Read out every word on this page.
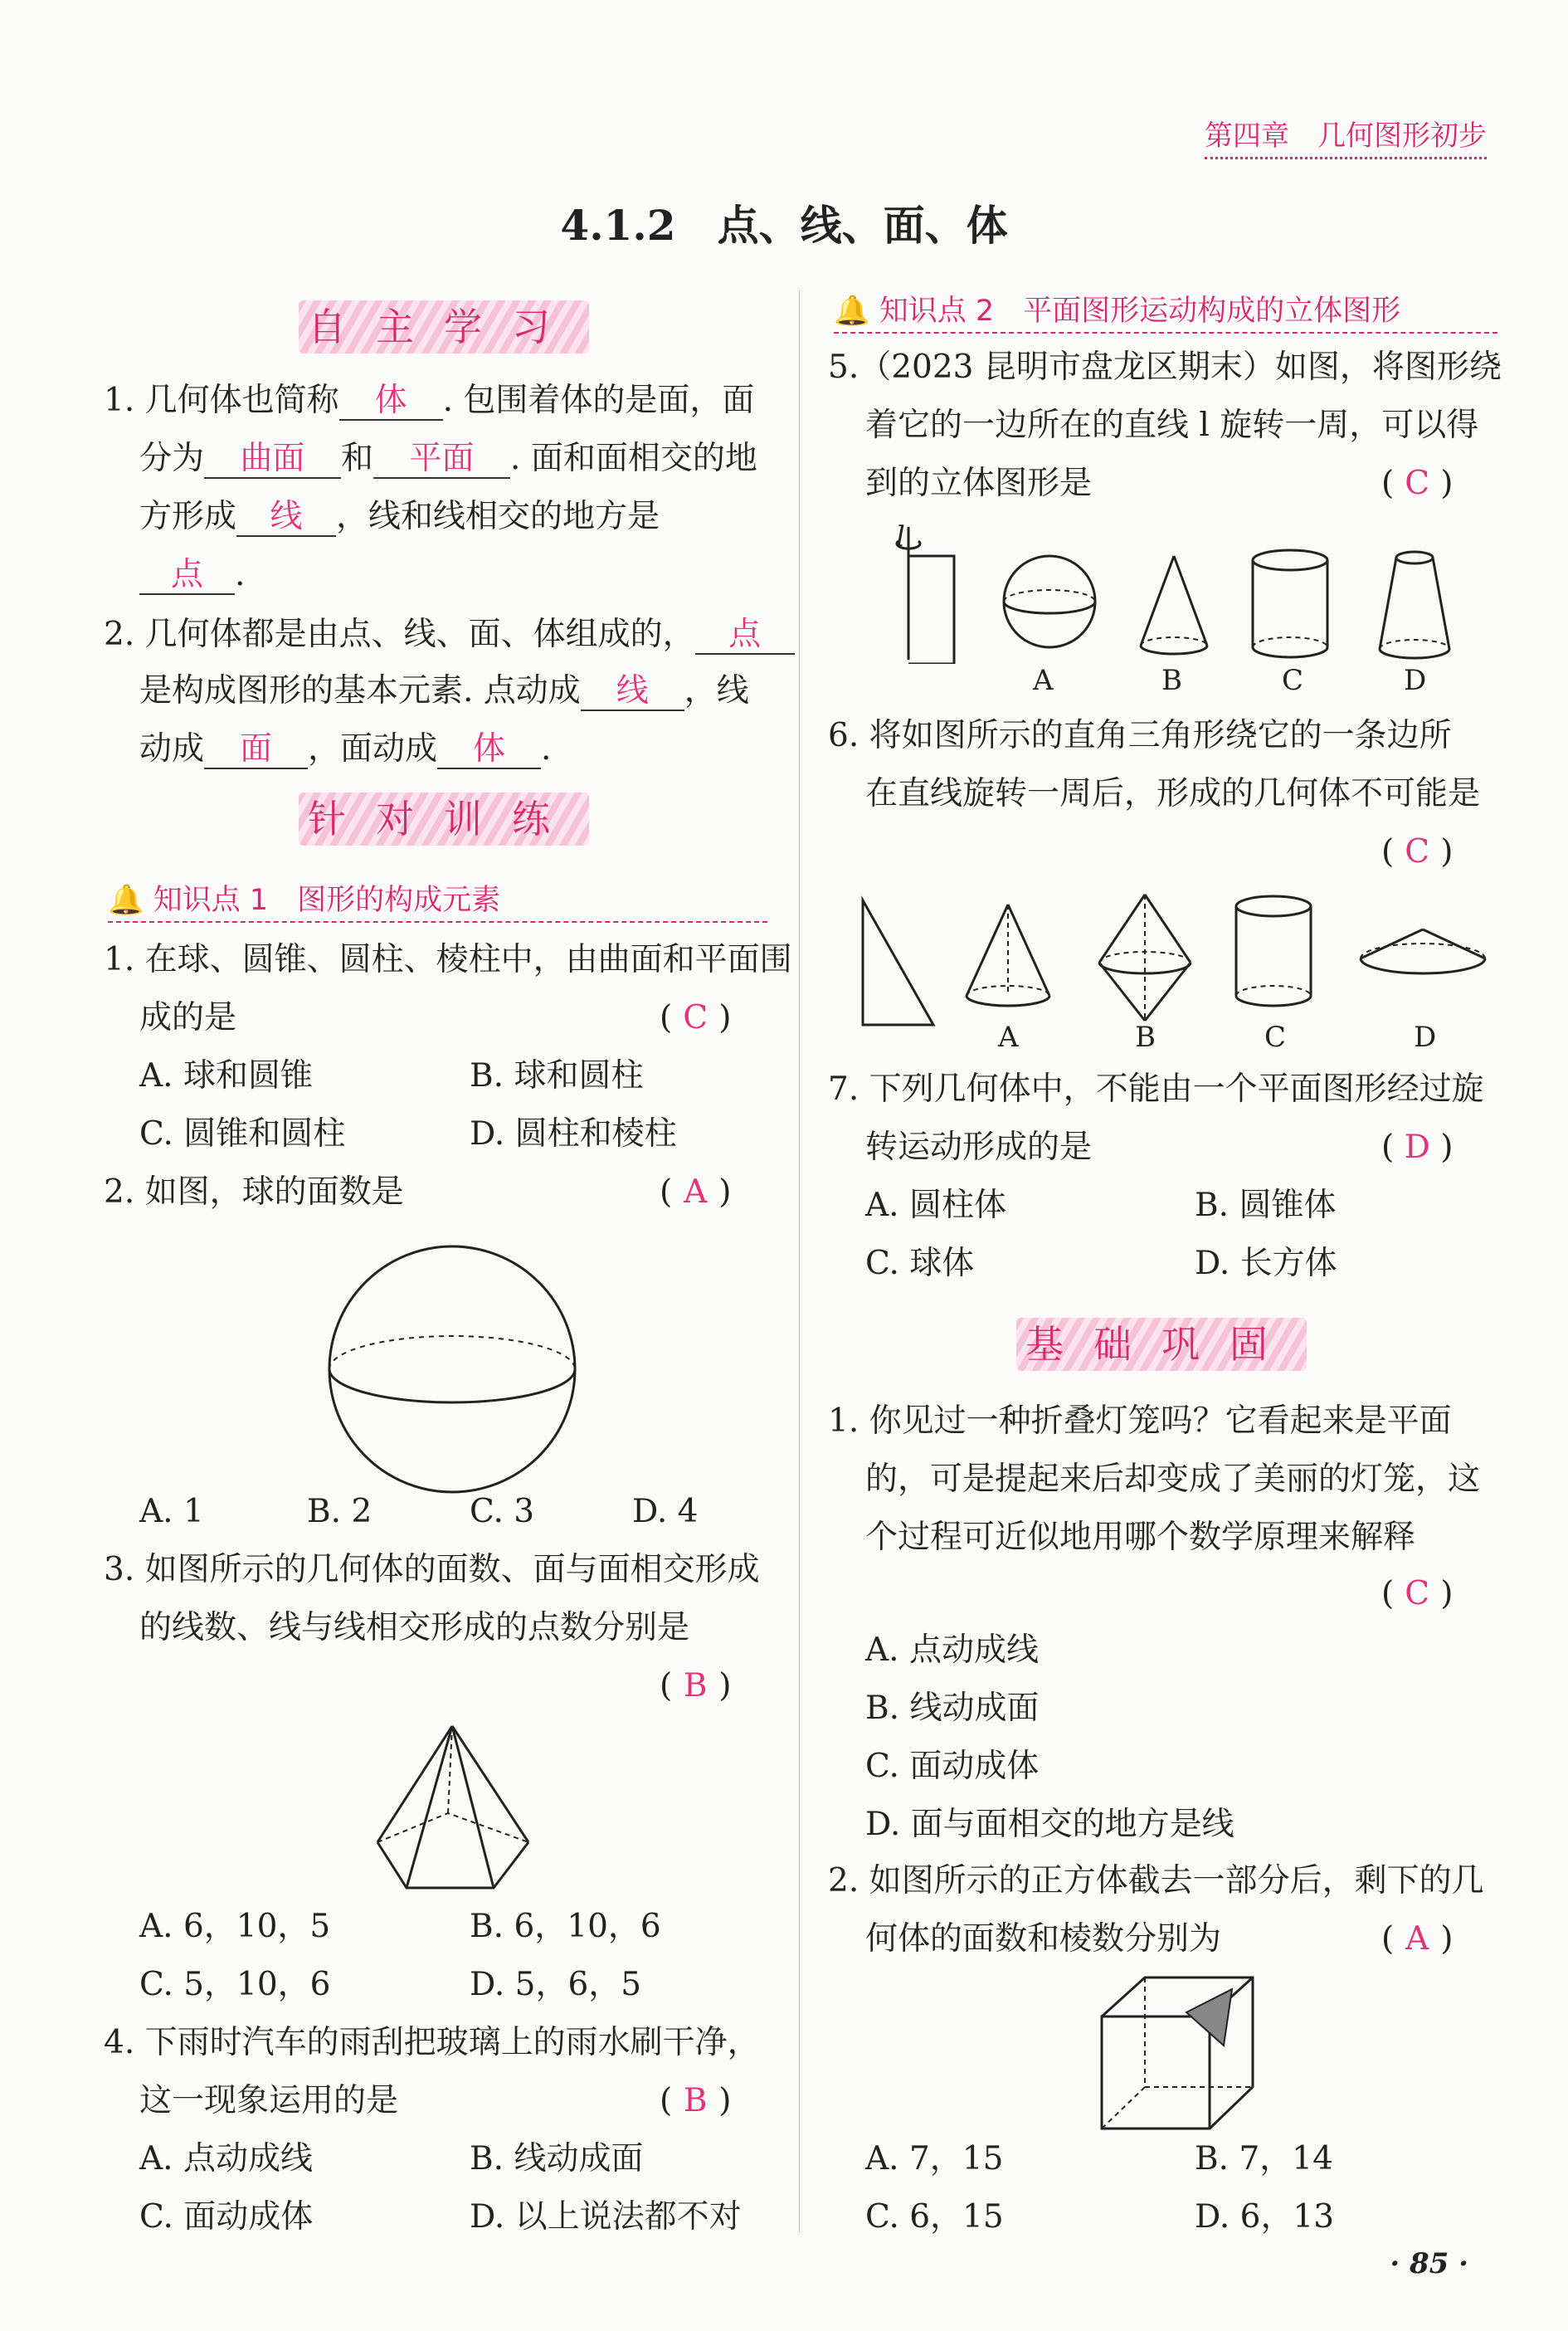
第四章　几何图形初步
4.1.2　点、线、面、体
自主学习
1. 几何体也简称 体 . 包围着体的是面，面
分为 曲面 和 平面 . 面和面相交的地
方形成 线 ，线和线相交的地方是
点 .
2. 几何体都是由点、线、面、体组成的， 点
是构成图形的基本元素. 点动成 线 ，线
动成 面 ，面动成 体 .
针对训练
🔔 知识点 1　图形的构成元素
1. 在球、圆锥、圆柱、棱柱中，由曲面和平面围
成的是	( C )
A. 球和圆锥	B. 球和圆柱
C. 圆锥和圆柱	D. 圆柱和棱柱
2. 如图，球的面数是	( A )
A. 1	B. 2	C. 3	D. 4
3. 如图所示的几何体的面数、面与面相交形成
的线数、线与线相交形成的点数分别是
( B )
A. 6，10，5	B. 6，10，6
C. 5，10，6	D. 5，6，5
4. 下雨时汽车的雨刮把玻璃上的雨水刷干净，
这一现象运用的是	( B )
A. 点动成线	B. 线动成面
C. 面动成体	D. 以上说法都不对
🔔 知识点 2　平面图形运动构成的立体图形
5.（2023 昆明市盘龙区期末）如图，将图形绕
着它的一边所在的直线 l 旋转一周，可以得
到的立体图形是	( C )
l
A	B	C	D
6. 将如图所示的直角三角形绕它的一条边所
在直线旋转一周后，形成的几何体不可能是
( C )
A	B	C	D
7. 下列几何体中，不能由一个平面图形经过旋
转运动形成的是	( D )
A. 圆柱体	B. 圆锥体
C. 球体	D. 长方体
基础巩固
1. 你见过一种折叠灯笼吗？它看起来是平面
的，可是提起来后却变成了美丽的灯笼，这
个过程可近似地用哪个数学原理来解释
( C )
A. 点动成线
B. 线动成面
C. 面动成体
D. 面与面相交的地方是线
2. 如图所示的正方体截去一部分后，剩下的几
何体的面数和棱数分别为	( A )
A. 7，15	B. 7，14
C. 6，15	D. 6，13
· 85 ·
